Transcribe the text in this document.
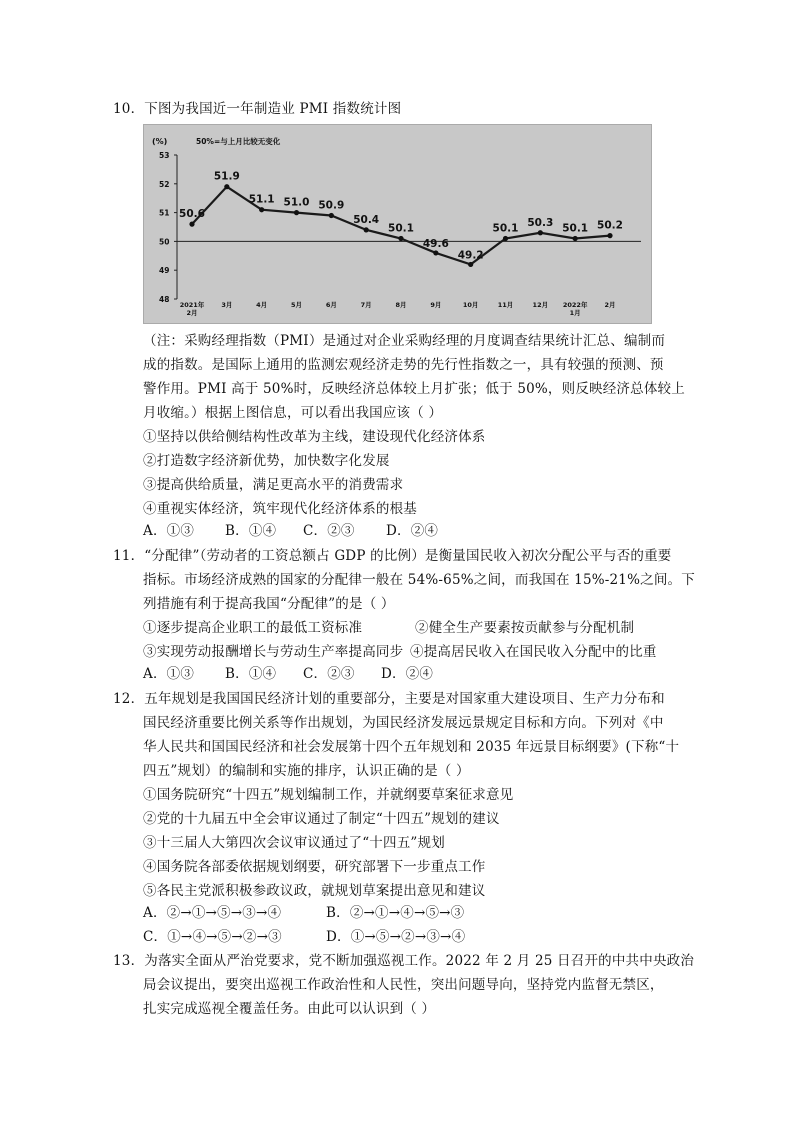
10．下图为我国近一年制造业 PMI 指数统计图
(%)	50%=与上月比较无变化
48
49
50
51
52
53
50.6
51.9
51.1 51.0 50.9
50.4
50.1
49.6
49.2
50.1 50.3 50.1 50.2
2021年
2月
3月	4月	5月	6月	7月	8月	9月	10月	11月	12月 2022年
1月
2月
（注：采购经理指数（PMI）是通过对企业采购经理的月度调查结果统计汇总、编制而
成的指数。是国际上通用的监测宏观经济走势的先行性指数之一，具有较强的预测、预
警作用。PMI 高于 50%时，反映经济总体较上月扩张；低于 50%，则反映经济总体较上
月收缩。）根据上图信息，可以看出我国应该（ ）
①坚持以供给侧结构性改革为主线，建设现代化经济体系
②打造数字经济新优势，加快数字化发展
③提高供给质量，满足更高水平的消费需求
④重视实体经济，筑牢现代化经济体系的根基
A．①③ B．①④ C．②③ D．②④
11．“分配律”（劳动者的工资总额占 GDP 的比例）是衡量国民收入初次分配公平与否的重要
指标。市场经济成熟的国家的分配律一般在 54%-65%之间，而我国在 15%-21%之间。下
列措施有利于提高我国“分配律”的是（ ）
①逐步提高企业职工的最低工资标准	②健全生产要素按贡献参与分配机制
③实现劳动报酬增长与劳动生产率提高同步 ④提高居民收入在国民收入分配中的比重
A．①③ B．①④ C．②③ D．②④
12．五年规划是我国国民经济计划的重要部分，主要是对国家重大建设项目、生产力分布和
国民经济重要比例关系等作出规划，为国民经济发展远景规定目标和方向。下列对《中
华人民共和国国民经济和社会发展第十四个五年规划和 2035 年远景目标纲要》(下称“十
四五”规划）的编制和实施的排序，认识正确的是（ ）
①国务院研究“十四五”规划编制工作，并就纲要草案征求意见
②党的十九届五中全会审议通过了制定“十四五”规划的建议
③十三届人大第四次会议审议通过了“十四五”规划
④国务院各部委依据规划纲要，研究部署下一步重点工作
⑤各民主党派积极参政议政，就规划草案提出意见和建议
A．②→①→⑤→③→④	B．②→①→④→⑤→③
C．①→④→⑤→②→③	D．①→⑤→②→③→④
13．为落实全面从严治党要求，党不断加强巡视工作。2022 年 2 月 25 日召开的中共中央政治
局会议提出，要突出巡视工作政治性和人民性，突出问题导向，坚持党内监督无禁区，
扎实完成巡视全覆盖任务。由此可以认识到（ ）
